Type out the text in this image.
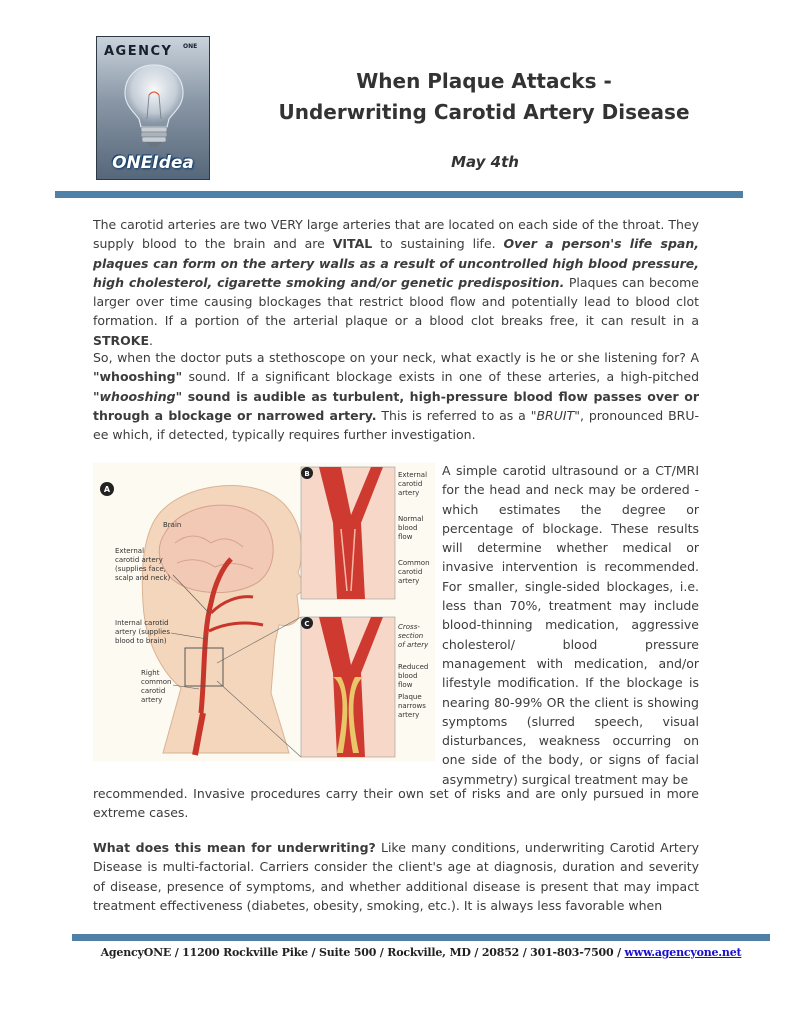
AGENCY ONE
ONEIdea
When Plaque Attacks -
Underwriting Carotid Artery Disease
May 4th

The carotid arteries are two VERY large arteries that are located on each side of the throat. They supply blood to the brain and are VITAL to sustaining life. Over a person's life span, plaques can form on the artery walls as a result of uncontrolled high blood pressure, high cholesterol, cigarette smoking and/or genetic predisposition. Plaques can become larger over time causing blockages that restrict blood flow and potentially lead to blood clot formation. If a portion of the arterial plaque or a blood clot breaks free, it can result in a STROKE.

So, when the doctor puts a stethoscope on your neck, what exactly is he or she listening for? A "whooshing" sound. If a significant blockage exists in one of these arteries, a high-pitched "whooshing" sound is audible as turbulent, high-pressure blood flow passes over or through a blockage or narrowed artery. This is referred to as a "BRUIT", pronounced BRU-ee which, if detected, typically requires further investigation.

A
Brain
External
carotid artery
(supplies face,
scalp and neck)
Internal carotid
artery (supplies
blood to brain)
Right
common
carotid
artery
B	External
carotid
artery
Normal
blood
flow
Common
carotid
artery
C	Cross-
section
of artery
Reduced
blood
flow
Plaque
narrows
artery

A simple carotid ultrasound or a CT/MRI for the head and neck may be ordered - which estimates the degree or percentage of blockage. These results will determine whether medical or invasive intervention is recommended. For smaller, single-sided blockages, i.e. less than 70%, treatment may include blood-thinning medication, aggressive cholesterol/ blood pressure management with medication, and/or lifestyle modification. If the blockage is nearing 80-99% OR the client is showing symptoms (slurred speech, visual disturbances, weakness occurring on one side of the body, or signs of facial asymmetry) surgical treatment may be

recommended. Invasive procedures carry their own set of risks and are only pursued in more extreme cases.

What does this mean for underwriting? Like many conditions, underwriting Carotid Artery Disease is multi-factorial. Carriers consider the client's age at diagnosis, duration and severity of disease, presence of symptoms, and whether additional disease is present that may impact treatment effectiveness (diabetes, obesity, smoking, etc.). It is always less favorable when

AgencyONE / 11200 Rockville Pike / Suite 500 / Rockville, MD / 20852 / 301-803-7500 / www.agencyone.net
